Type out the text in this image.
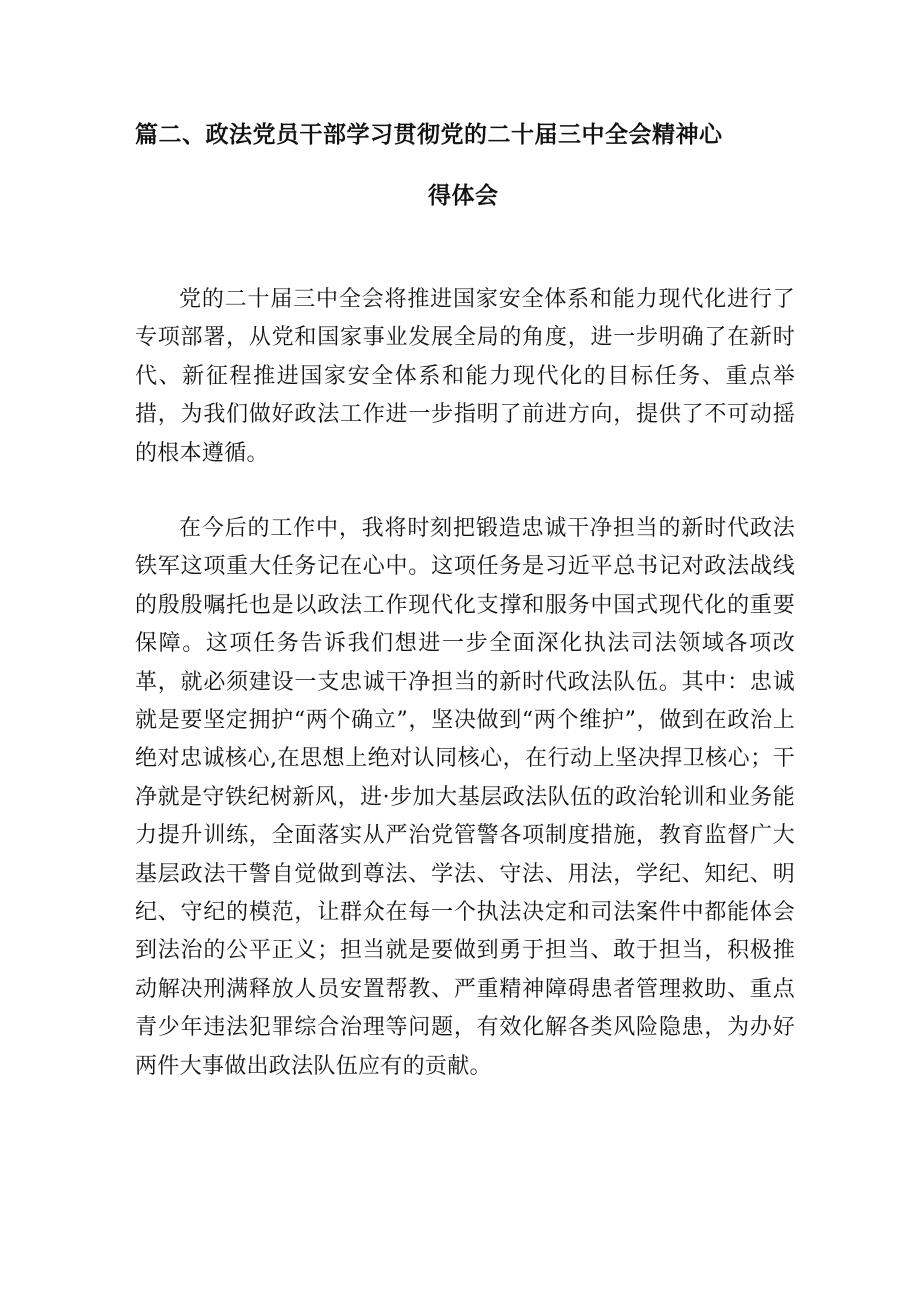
篇二、政法党员干部学习贯彻党的二十届三中全会精神心
得体会

党的二十届三中全会将推进国家安全体系和能力现代化进行了专项部署，从党和国家事业发展全局的角度，进一步明确了在新时代、新征程推进国家安全体系和能力现代化的目标任务、重点举措，为我们做好政法工作进一步指明了前进方向，提供了不可动摇的根本遵循。

在今后的工作中，我将时刻把锻造忠诚干净担当的新时代政法铁军这项重大任务记在心中。这项任务是习近平总书记对政法战线的殷殷嘱托也是以政法工作现代化支撑和服务中国式现代化的重要保障。这项任务告诉我们想进一步全面深化执法司法领域各项改革，就必须建设一支忠诚干净担当的新时代政法队伍。其中：忠诚就是要坚定拥护“两个确立”，坚决做到“两个维护”，做到在政治上绝对忠诚核心,在思想上绝对认同核心，在行动上坚决捍卫核心；干净就是守铁纪树新风，进·步加大基层政法队伍的政治轮训和业务能力提升训练，全面落实从严治党管警各项制度措施，教育监督广大基层政法干警自觉做到尊法、学法、守法、用法，学纪、知纪、明纪、守纪的模范，让群众在每一个执法决定和司法案件中都能体会到法治的公平正义；担当就是要做到勇于担当、敢于担当，积极推动解决刑满释放人员安置帮教、严重精神障碍患者管理救助、重点青少年违法犯罪综合治理等问题，有效化解各类风险隐患，为办好两件大事做出政法队伍应有的贡献。
